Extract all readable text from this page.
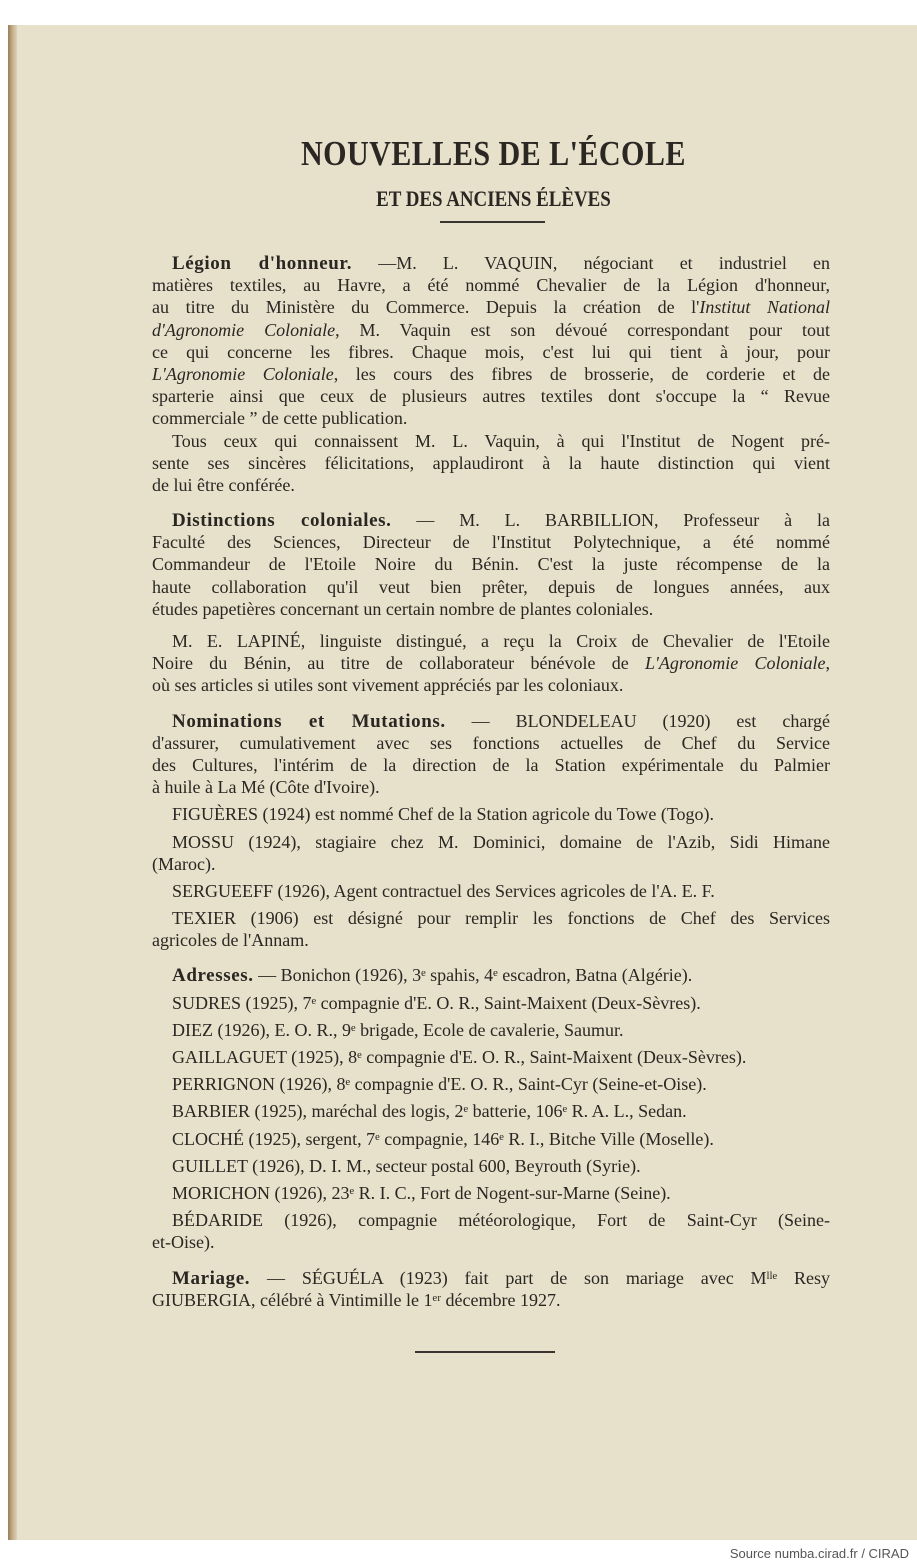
NOUVELLES DE L'ÉCOLE
ET DES ANCIENS ÉLÈVES
Légion d'honneur. —M. L. VAQUIN, négociant et industriel en
matières textiles, au Havre, a été nommé Chevalier de la Légion d'honneur,
au titre du Ministère du Commerce. Depuis la création de l'Institut National
d'Agronomie Coloniale, M. Vaquin est son dévoué correspondant pour tout
ce qui concerne les fibres. Chaque mois, c'est lui qui tient à jour, pour
L'Agronomie Coloniale, les cours des fibres de brosserie, de corderie et de
sparterie ainsi que ceux de plusieurs autres textiles dont s'occupe la “ Revue
commerciale ” de cette publication.
Tous ceux qui connaissent M. L. Vaquin, à qui l'Institut de Nogent pré-
sente ses sincères félicitations, applaudiront à la haute distinction qui vient
de lui être conférée.
Distinctions coloniales. — M. L. BARBILLION, Professeur à la
Faculté des Sciences, Directeur de l'Institut Polytechnique, a été nommé
Commandeur de l'Etoile Noire du Bénin. C'est la juste récompense de la
haute collaboration qu'il veut bien prêter, depuis de longues années, aux
études papetières concernant un certain nombre de plantes coloniales.
M. E. LAPINÉ, linguiste distingué, a reçu la Croix de Chevalier de l'Etoile
Noire du Bénin, au titre de collaborateur bénévole de L'Agronomie Coloniale,
où ses articles si utiles sont vivement appréciés par les coloniaux.
Nominations et Mutations. — BLONDELEAU (1920) est chargé
d'assurer, cumulativement avec ses fonctions actuelles de Chef du Service
des Cultures, l'intérim de la direction de la Station expérimentale du Palmier
à huile à La Mé (Côte d'Ivoire).
FIGUÈRES (1924) est nommé Chef de la Station agricole du Towe (Togo).
MOSSU (1924), stagiaire chez M. Dominici, domaine de l'Azib, Sidi Himane
(Maroc).
SERGUEEFF (1926), Agent contractuel des Services agricoles de l'A. E. F.
TEXIER (1906) est désigné pour remplir les fonctions de Chef des Services
agricoles de l'Annam.
Adresses. — Bonichon (1926), 3ᵉ spahis, 4ᵉ escadron, Batna (Algérie).
SUDRES (1925), 7ᵉ compagnie d'E. O. R., Saint-Maixent (Deux-Sèvres).
DIEZ (1926), E. O. R., 9ᵉ brigade, Ecole de cavalerie, Saumur.
GAILLAGUET (1925), 8ᵉ compagnie d'E. O. R., Saint-Maixent (Deux-Sèvres).
PERRIGNON (1926), 8ᵉ compagnie d'E. O. R., Saint-Cyr (Seine-et-Oise).
BARBIER (1925), maréchal des logis, 2ᵉ batterie, 106ᵉ R. A. L., Sedan.
CLOCHÉ (1925), sergent, 7ᵉ compagnie, 146ᵉ R. I., Bitche Ville (Moselle).
GUILLET (1926), D. I. M., secteur postal 600, Beyrouth (Syrie).
MORICHON (1926), 23ᵉ R. I. C., Fort de Nogent-sur-Marne (Seine).
BÉDARIDE (1926), compagnie météorologique, Fort de Saint-Cyr (Seine-
et-Oise).
Mariage. — SÉGUÉLA (1923) fait part de son mariage avec Mˡˡᵉ Resy
GIUBERGIA, célébré à Vintimille le 1ᵉʳ décembre 1927.
Source numba.cirad.fr / CIRAD
